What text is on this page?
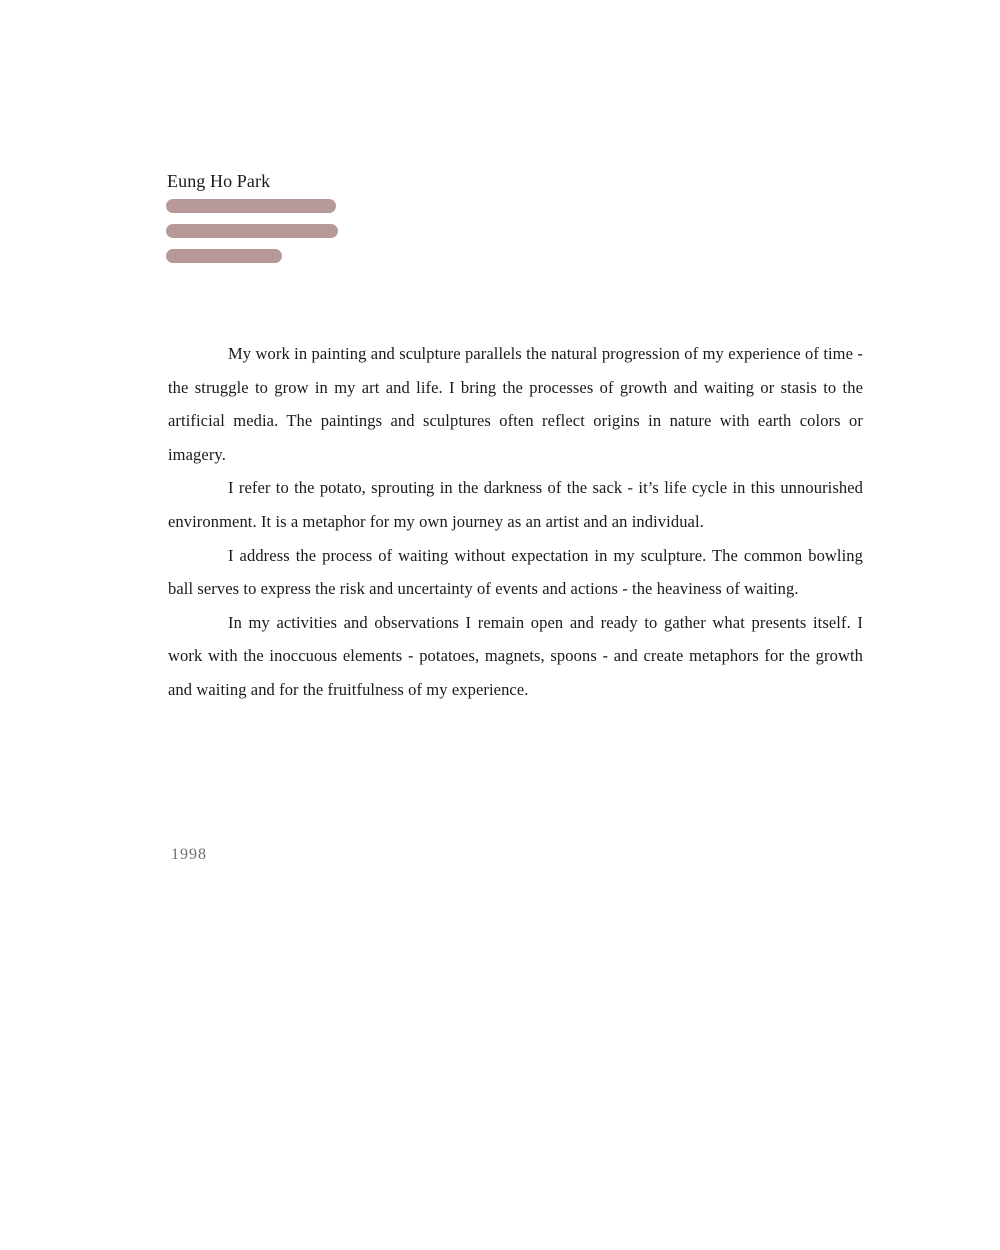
Eung Ho Park

My work in painting and sculpture parallels the natural progression of my experience of time - the struggle to grow in my art and life. I bring the processes of growth and waiting or stasis to the artificial media. The paintings and sculptures often reflect origins in nature with earth colors or imagery.

I refer to the potato, sprouting in the darkness of the sack - it’s life cycle in this unnourished environment. It is a metaphor for my own journey as an artist and an individual.

I address the process of waiting without expectation in my sculpture. The common bowling ball serves to express the risk and uncertainty of events and actions - the heaviness of waiting.

In my activities and observations I remain open and ready to gather what presents itself. I work with the inoccuous elements - potatoes, magnets, spoons - and create metaphors for the growth and waiting and for the fruitfulness of my experience.

1998
